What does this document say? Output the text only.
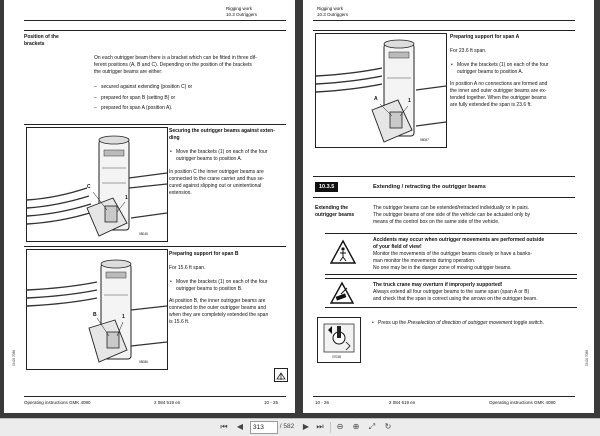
Rigging work
10.3 Outriggers
Position of the
brackets
On each outrigger beam there is a bracket which can be fitted in three dif-
ferent positions (A, B and C). Depending on the position of the brackets
the outrigger beams are either:
– secured against extending (position C) or
– prepared for span B (setting B) or
– prepared for span A (position A).
C
1
08045
Securing the outrigger beams against exten-
ding
• Move the brackets (1) on each of the four
outrigger beams to position A.
In position C the inner outrigger beams are
connected to the crane carrier and thus se-
cured against slipping out or unintentional
extension.
B	1
08086
Preparing support for span B
For 15.6 ft span.
• Move the brackets (1) on each of the four
outrigger beams to position B.
At position B, the inner outrigger beams are
connected to the outer outrigger beams and
when they are completely extended the span
is 15.6 ft.
09.00 7088
Operating instructions GMK 4080	2 084 519 en	10 - 25
Rigging work
10.3 Outriggers
A	1
08087
Preparing support for span A
For 23.6 ft span.
• Move the brackets (1) on each of the four
outrigger beams to position A.
In position A no connections are formed and
the inner and outer outrigger beams are ex-
tended together. When the outrigger beams
are fully extended the span is 23.6 ft.
10.3.5	Extending / retracting the outrigger beams
Extending the
outrigger beams
The outrigger beams can be extended/retracted individually or in pairs.
The outrigger beams of one side of the vehicle can be actuated only by
means of the control box on the same side of the vehicle.
Accidents may occur when outrigger movements are performed outside
of your field of view!
Monitor the movements of the outrigger beams closely or have a banks-
man monitor the movements during operation.
No one may be in the danger zone of moving outrigger beams.
The truck crane may overturn if improperly supported!
Always extend all four outrigger beams to the same span (span A or B)
and check that the span is correct using the arrows on the outrigger beam.
07038
• Press up the Preselection of direction of outrigger movement toggle switch.
09.00 7088
10 - 26	2 084 519 en	Operating instructions GMK 4080
⏮	◀	313	/ 582	▶ ⏭	⊖	⊕	⤢	↻
